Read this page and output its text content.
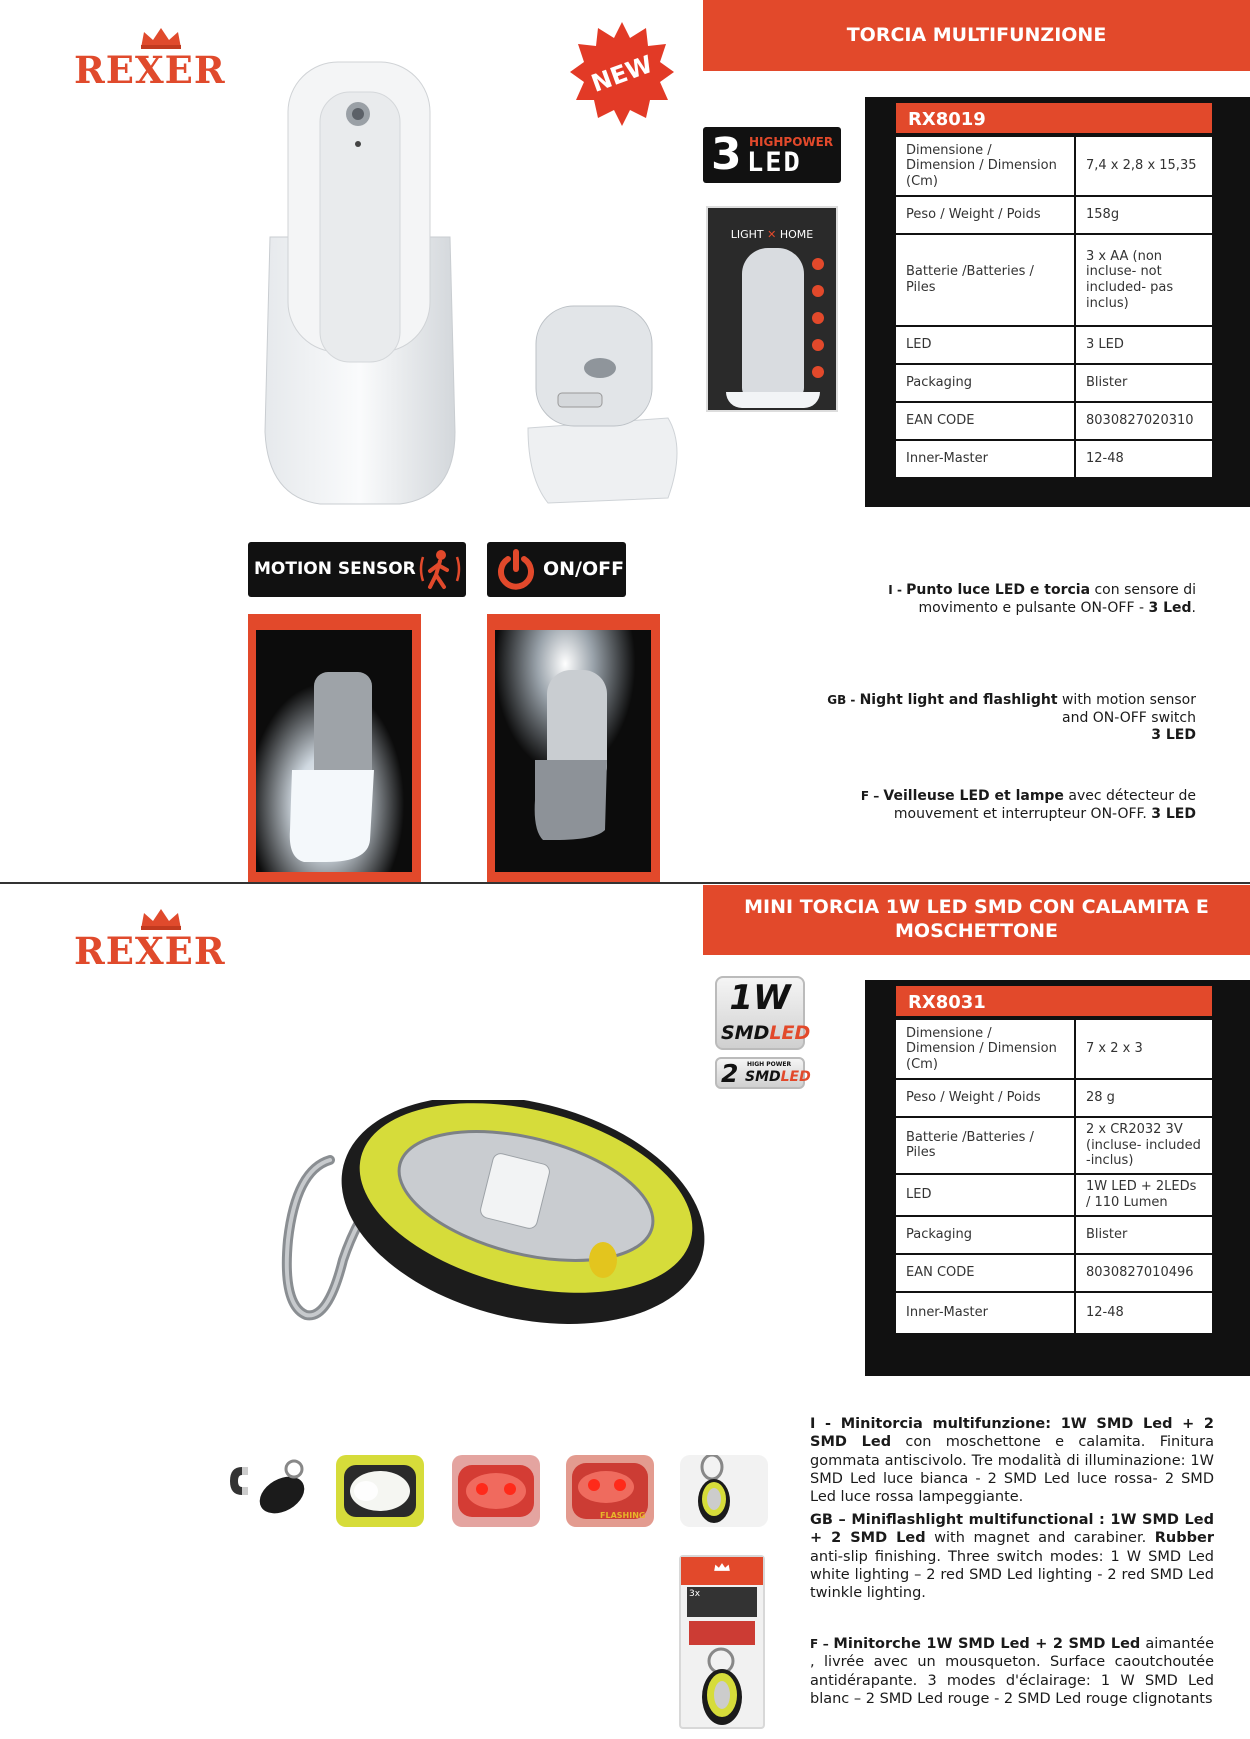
REXER
TORCIA MULTIFUNZIONE
NEW
3 HIGHPOWER
LED
LIGHT ✕ HOME
RX8019
Dimensione / Dimension / Dimension (Cm)	7,4 x 2,8 x 15,35
Peso / Weight / Poids	158g
Batterie /Batteries / Piles	3 x AA (non incluse- not included- pas inclus)
LED	3 LED
Packaging	Blister
EAN CODE	8030827020310
Inner-Master	12-48
MOTION SENSOR	ON/OFF
I - Punto luce LED e torcia con sensore di movimento e pulsante ON-OFF - 3 Led.
GB - Night light and flashlight with motion sensor and ON-OFF switch
3 LED
F – Veilleuse LED et lampe avec détecteur de mouvement et interrupteur ON-OFF. 3 LED
REXER
MINI TORCIA 1W LED SMD CON CALAMITA E MOSCHETTONE
1W
SMDLED
2 HIGH POWER
SMDLED
RX8031
Dimensione / Dimension / Dimension (Cm)	7 x 2 x 3
Peso / Weight / Poids	28 g
Batterie /Batteries / Piles	2 x CR2032 3V (incluse- included -inclus)
LED	1W LED + 2LEDs / 110 Lumen
Packaging	Blister
EAN CODE	8030827010496
Inner-Master	12-48
FLASHING
3x
I - Minitorcia multifunzione: 1W SMD Led + 2 SMD Led con moschettone e calamita. Finitura gommata antiscivolo. Tre modalità di illuminazione: 1W SMD Led luce bianca - 2 SMD Led luce rossa- 2 SMD Led luce rossa lampeggiante.
GB – Miniflashlight multifunctional : 1W SMD Led + 2 SMD Led with magnet and carabiner. Rubber anti-slip finishing. Three switch modes: 1 W SMD Led white lighting – 2 red SMD Led lighting - 2 red SMD Led twinkle lighting.
F – Minitorche 1W SMD Led + 2 SMD Led aimantée , livrée avec un mousqueton. Surface caoutchoutée antidérapante. 3 modes d'éclairage: 1 W SMD Led blanc – 2 SMD Led rouge - 2 SMD Led rouge clignotants
